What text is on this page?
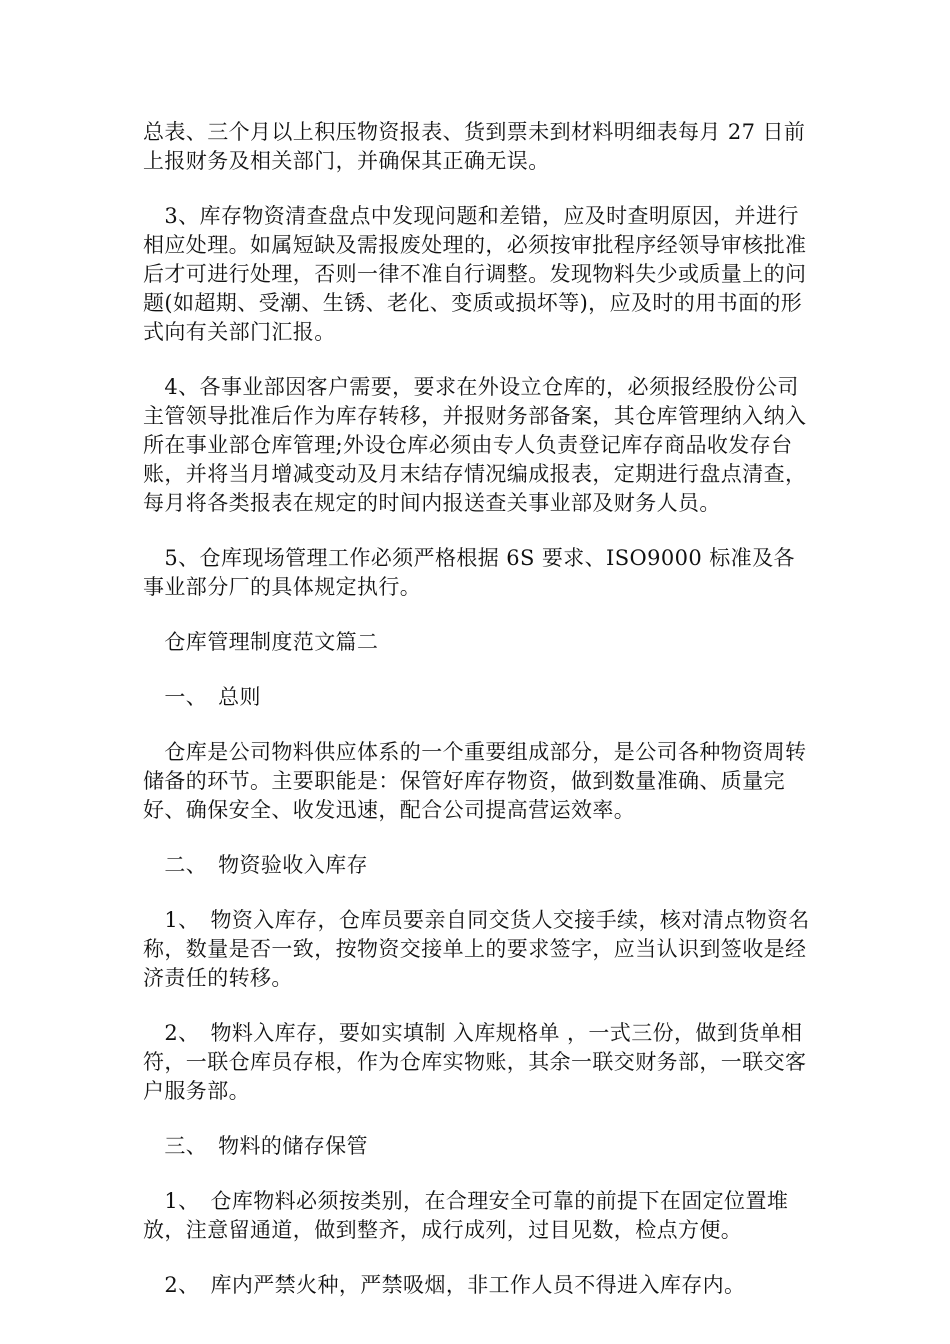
总表、三个月以上积压物资报表、货到票未到材料明细表每月 27 日前上报财务及相关部门，并确保其正确无误。

　3、库存物资清查盘点中发现问题和差错，应及时查明原因，并进行相应处理。如属短缺及需报废处理的，必须按审批程序经领导审核批准后才可进行处理，否则一律不准自行调整。发现物料失少或质量上的问题(如超期、受潮、生锈、老化、变质或损坏等)，应及时的用书面的形式向有关部门汇报。

　4、各事业部因客户需要，要求在外设立仓库的，必须报经股份公司主管领导批准后作为库存转移，并报财务部备案，其仓库管理纳入纳入所在事业部仓库管理;外设仓库必须由专人负责登记库存商品收发存台账，并将当月增减变动及月末结存情况编成报表，定期进行盘点清查，每月将各类报表在规定的时间内报送查关事业部及财务人员。

　5、仓库现场管理工作必须严格根据 6S 要求、ISO9000 标准及各事业部分厂的具体规定执行。

　仓库管理制度范文篇二

　一、　总则

　仓库是公司物料供应体系的一个重要组成部分，是公司各种物资周转储备的环节。主要职能是：保管好库存物资，做到数量准确、质量完好、确保安全、收发迅速，配合公司提高营运效率。

　二、　物资验收入库存

　1、　物资入库存，仓库员要亲自同交货人交接手续，核对清点物资名称，数量是否一致，按物资交接单上的要求签字，应当认识到签收是经济责任的转移。

　2、　物料入库存，要如实填制 入库规格单 ，一式三份，做到货单相符，一联仓库员存根，作为仓库实物账，其余一联交财务部，一联交客户服务部。

　三、　物料的储存保管

　1、　仓库物料必须按类别，在合理安全可靠的前提下在固定位置堆放，注意留通道，做到整齐，成行成列，过目见数，检点方便。

　2、　库内严禁火种，严禁吸烟，非工作人员不得进入库存内。
